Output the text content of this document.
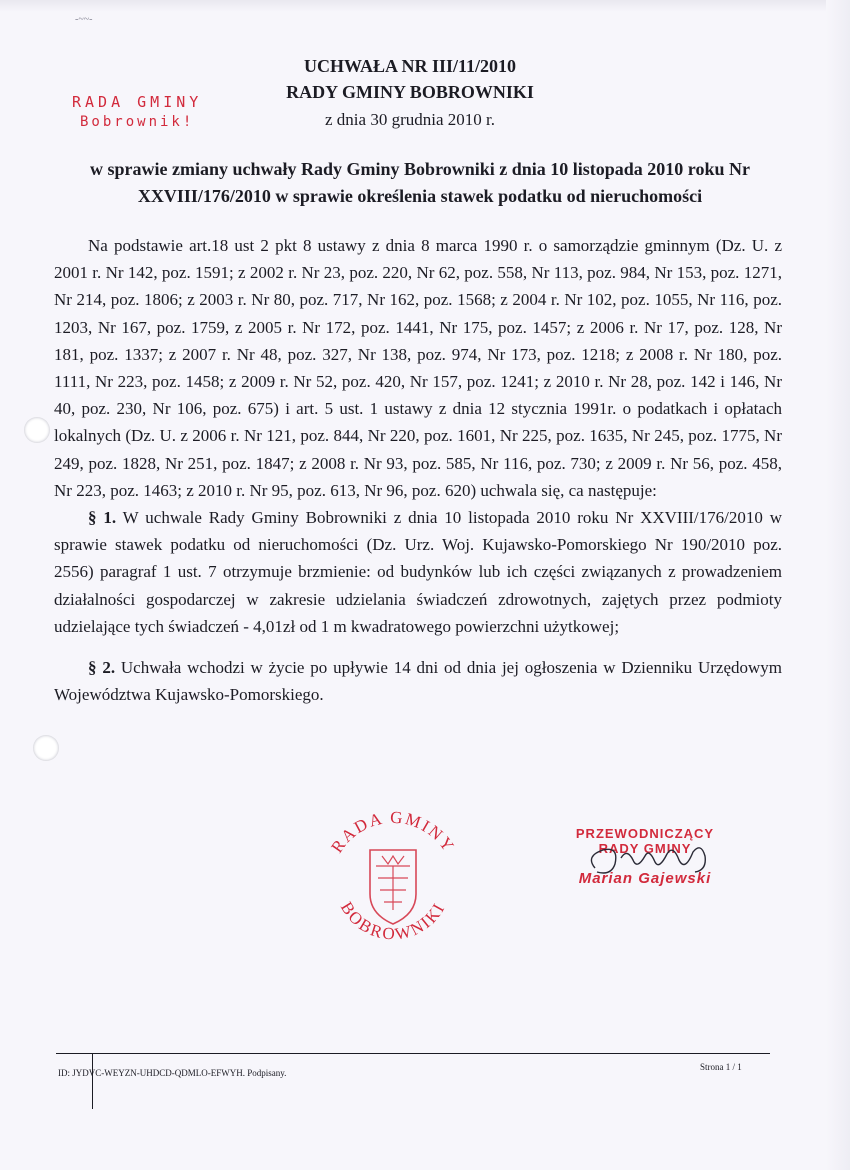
-~~-
RADA GMINY
Bobrownik!
UCHWAŁA NR III/11/2010
RADY GMINY BOBROWNIKI
z dnia 30 grudnia 2010 r.
w sprawie zmiany uchwały Rady Gminy Bobrowniki z dnia 10 listopada 2010 roku Nr
XXVIII/176/2010 w sprawie określenia stawek podatku od nieruchomości

Na podstawie art.18 ust 2 pkt 8 ustawy z dnia 8 marca 1990 r. o samorządzie gminnym (Dz. U. z 2001 r. Nr 142, poz. 1591; z 2002 r. Nr 23, poz. 220, Nr 62, poz. 558, Nr 113, poz. 984, Nr 153, poz. 1271, Nr 214, poz. 1806; z 2003 r. Nr 80, poz. 717, Nr 162, poz. 1568; z 2004 r. Nr 102, poz. 1055, Nr 116, poz. 1203, Nr 167, poz. 1759, z 2005 r. Nr 172, poz. 1441, Nr 175, poz. 1457; z 2006 r. Nr 17, poz. 128, Nr 181, poz. 1337; z 2007 r. Nr 48, poz. 327, Nr 138, poz. 974, Nr 173, poz. 1218; z 2008 r. Nr 180, poz. 1111, Nr 223, poz. 1458; z 2009 r. Nr 52, poz. 420, Nr 157, poz. 1241; z 2010 r. Nr 28, poz. 142 i 146, Nr 40, poz. 230, Nr 106, poz. 675) i art. 5 ust. 1 ustawy z dnia 12 stycznia 1991r. o podatkach i opłatach lokalnych (Dz. U. z 2006 r. Nr 121, poz. 844, Nr 220, poz. 1601, Nr 225, poz. 1635, Nr 245, poz. 1775, Nr 249, poz. 1828, Nr 251, poz. 1847; z 2008 r. Nr 93, poz. 585, Nr 116, poz. 730; z 2009 r. Nr 56, poz. 458, Nr 223, poz. 1463; z 2010 r. Nr 95, poz. 613, Nr 96, poz. 620) uchwala się, ca następuje:

§ 1. W uchwale Rady Gminy Bobrowniki z dnia 10 listopada 2010 roku Nr XXVIII/176/2010 w sprawie stawek podatku od nieruchomości (Dz. Urz. Woj. Kujawsko-Pomorskiego Nr 190/2010 poz. 2556) paragraf 1 ust. 7 otrzymuje brzmienie: od budynków lub ich części związanych z prowadzeniem działalności gospodarczej w zakresie udzielania świadczeń zdrowotnych, zajętych przez podmioty udzielające tych świadczeń - 4,01zł od 1 m kwadratowego powierzchni użytkowej;

§ 2. Uchwała wchodzi w życie po upływie 14 dni od dnia jej ogłoszenia w Dzienniku Urzędowym Województwa Kujawsko-Pomorskiego.

RADA GMINY
BOBROWNIKI
PRZEWODNICZĄCY
RADY GMINY
Marian Gajewski
ID: JYDVC-WEYZN-UHDCD-QDMLO-EFWYH. Podpisany.
Strona 1 / 1
